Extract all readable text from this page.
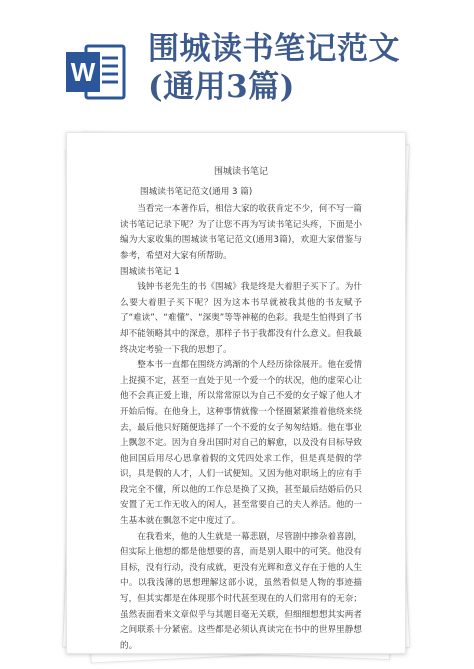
W
围城读书笔记范文
(通用3篇)
围城读书笔记
围城读书笔记范文(通用 3 篇)

当看完一本著作后，相信大家的收获肯定不少，何不写一篇读书笔记记录下呢？为了让您不再为写读书笔记头疼，下面是小编为大家收集的围城读书笔记范文(通用3篇)，欢迎大家借鉴与参考，希望对大家有所帮助。

围城读书笔记 1

钱钟书老先生的书《围城》我是终是大着胆子买下了。为什么要大着胆子买下呢？因为这本书早就被我其他的书友赋予了“难读”、“难懂”、“深奥”等等神秘的色彩。我是生怕得到了书却不能领略其中的深意，那样子书于我都没有什么意义。但我最终决定考验一下我的思想了。

整本书一直都在围绕方鸿渐的个人经历徐徐展开。他在爱情上捉摸不定，甚至一直处于见一个爱一个的状况，他的虚荣心让他不会真正爱上谁，所以常常原以为自己不爱的女子嫁了他人才开始后悔。在他身上，这种事情就像一个怪圈紧紧推着他绕来绕去，最后他只好随便选择了一个不爱的女子匆匆结婚。他在事业上飘忽不定。因为自身出国时对自己的解愈，以及没有目标导致他回国后用尽心思拿着假的文凭四处求工作，但是真是假的学识，具是假的人才，人们一试便知。又因为他对职场上的应有手段完全不懂，所以他的工作总是换了又换，甚至最后结婚后仍只安置了无工作无收入的闲人，甚至常要自己的夫人养活。他的一生基本就在飘忽不定中度过了。

在我看来，他的人生就是一幕悲剧，尽管剧中掺杂着喜剧，但实际上他想的都是他想要的喜，而是别人眼中的可笑。他没有目标，没有行动，没有成就，更没有光辉和意义存在于他的人生中。以我浅薄的思想理解这部小说，虽然看似是人物的事迹描写，但其实都是在体现那个时代甚至现在的人们常用有的无奈；虽然表面看来文章似乎与其题目毫无关联，但细细想想其实两者之间联系十分紧密。这些都是必须认真读完在书中的世界里静想的。
